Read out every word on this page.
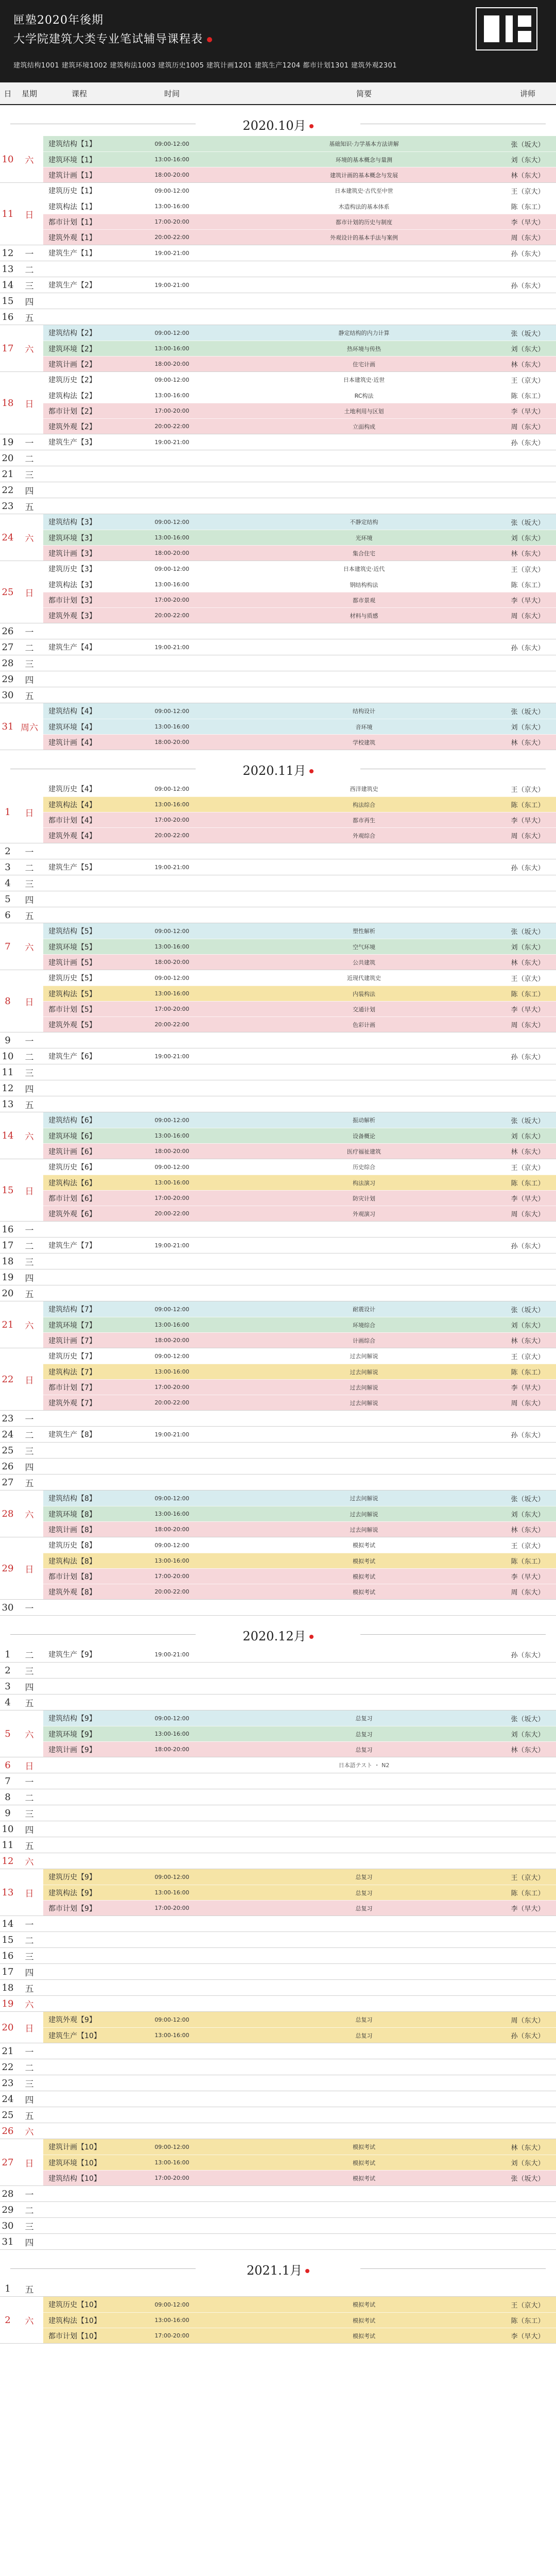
匣塾2020年後期
大学院建筑大类专业笔试辅导课程表
建筑结构1001 建筑环境1002 建筑构法1003 建筑历史1005 建筑计画1201 建筑生产1204 都市计划1301 建筑外观2301
日	星期	课程	时间	简要	讲师
2020.10月
10	六
建筑结构【1】	09:00-12:00	基础知识·力学基本方法讲解	张（坂大）
建筑环境【1】	13:00-16:00	环境的基本概念与量测	刘（东大）
建筑计画【1】	18:00-20:00	建筑计画的基本概念与发展	林（东大）
11	日
建筑历史【1】	09:00-12:00	日本建筑史·古代至中世	王（京大）
建筑构法【1】	13:00-16:00	木造构法的基本体系	陈（东工）
都市计划【1】	17:00-20:00	都市计划的历史与制度	李（早大）
建筑外观【1】	20:00-22:00	外观设计的基本手法与案例	周（东大）
12	一	建筑生产【1】	19:00-21:00	孙（东大）
13	二
14	三	建筑生产【2】	19:00-21:00	孙（东大）
15	四
16	五
17	六
建筑结构【2】	09:00-12:00	静定结构的内力计算	张（坂大）
建筑环境【2】	13:00-16:00	热环境与传热	刘（东大）
建筑计画【2】	18:00-20:00	住宅计画	林（东大）
18	日
建筑历史【2】	09:00-12:00	日本建筑史·近世	王（京大）
建筑构法【2】	13:00-16:00	RC构法	陈（东工）
都市计划【2】	17:00-20:00	土地利用与区划	李（早大）
建筑外观【2】	20:00-22:00	立面构成	周（东大）
19	一	建筑生产【3】	19:00-21:00	孙（东大）
20	二
21	三
22	四
23	五
24	六
建筑结构【3】	09:00-12:00	不静定结构	张（坂大）
建筑环境【3】	13:00-16:00	光环境	刘（东大）
建筑计画【3】	18:00-20:00	集合住宅	林（东大）
25	日
建筑历史【3】	09:00-12:00	日本建筑史·近代	王（京大）
建筑构法【3】	13:00-16:00	钢结构构法	陈（东工）
都市计划【3】	17:00-20:00	都市景观	李（早大）
建筑外观【3】	20:00-22:00	材料与质感	周（东大）
26	一
27	二	建筑生产【4】	19:00-21:00	孙（东大）
28	三
29	四
30	五
31 周六
建筑结构【4】	09:00-12:00	结构设计	张（坂大）
建筑环境【4】	13:00-16:00	音环境	刘（东大）
建筑计画【4】	18:00-20:00	学校建筑	林（东大）
2020.11月
1	日
建筑历史【4】	09:00-12:00	西洋建筑史	王（京大）
建筑构法【4】	13:00-16:00	构法综合	陈（东工）
都市计划【4】	17:00-20:00	都市再生	李（早大）
建筑外观【4】	20:00-22:00	外观综合	周（东大）
2	一
3	二	建筑生产【5】	19:00-21:00	孙（东大）
4	三
5	四
6	五
7	六
建筑结构【5】	09:00-12:00	塑性解析	张（坂大）
建筑环境【5】	13:00-16:00	空气环境	刘（东大）
建筑计画【5】	18:00-20:00	公共建筑	林（东大）
8	日
建筑历史【5】	09:00-12:00	近现代建筑史	王（京大）
建筑构法【5】	13:00-16:00	内装构法	陈（东工）
都市计划【5】	17:00-20:00	交通计划	李（早大）
建筑外观【5】	20:00-22:00	色彩计画	周（东大）
9	一
10	二	建筑生产【6】	19:00-21:00	孙（东大）
11	三
12	四
13	五
14	六
建筑结构【6】	09:00-12:00	振动解析	张（坂大）
建筑环境【6】	13:00-16:00	设备概论	刘（东大）
建筑计画【6】	18:00-20:00	医疗福祉建筑	林（东大）
15	日
建筑历史【6】	09:00-12:00	历史综合	王（京大）
建筑构法【6】	13:00-16:00	构法演习	陈（东工）
都市计划【6】	17:00-20:00	防灾计划	李（早大）
建筑外观【6】	20:00-22:00	外观演习	周（东大）
16	一
17	二	建筑生产【7】	19:00-21:00	孙（东大）
18	三
19	四
20	五
21	六
建筑结构【7】	09:00-12:00	耐震设计	张（坂大）
建筑环境【7】	13:00-16:00	环境综合	刘（东大）
建筑计画【7】	18:00-20:00	计画综合	林（东大）
22	日
建筑历史【7】	09:00-12:00	过去问解说	王（京大）
建筑构法【7】	13:00-16:00	过去问解说	陈（东工）
都市计划【7】	17:00-20:00	过去问解说	李（早大）
建筑外观【7】	20:00-22:00	过去问解说	周（东大）
23	一
24	二	建筑生产【8】	19:00-21:00	孙（东大）
25	三
26	四
27	五
28	六
建筑结构【8】	09:00-12:00	过去问解说	张（坂大）
建筑环境【8】	13:00-16:00	过去问解说	刘（东大）
建筑计画【8】	18:00-20:00	过去问解说	林（东大）
29	日
建筑历史【8】	09:00-12:00	模拟考试	王（京大）
建筑构法【8】	13:00-16:00	模拟考试	陈（东工）
都市计划【8】	17:00-20:00	模拟考试	李（早大）
建筑外观【8】	20:00-22:00	模拟考试	周（东大）
30	一
2020.12月
1	二	建筑生产【9】	19:00-21:00	孙（东大）
2	三
3	四
4	五
5	六
建筑结构【9】	09:00-12:00	总复习	张（坂大）
建筑环境【9】	13:00-16:00	总复习	刘（东大）
建筑计画【9】	18:00-20:00	总复习	林（东大）
6	日	日本語テスト ・ N2
7	一
8	二
9	三
10	四
11	五
12	六
13	日
建筑历史【9】	09:00-12:00	总复习	王（京大）
建筑构法【9】	13:00-16:00	总复习	陈（东工）
都市计划【9】	17:00-20:00	总复习	李（早大）
14	一
15	二
16	三
17	四
18	五
19	六
20	日
建筑外观【9】	09:00-12:00	总复习	周（东大）
建筑生产【10】	13:00-16:00	总复习	孙（东大）
21	一
22	二
23	三
24	四
25	五
26	六
27	日
建筑计画【10】	09:00-12:00	模拟考试	林（东大）
建筑环境【10】	13:00-16:00	模拟考试	刘（东大）
建筑结构【10】	17:00-20:00	模拟考试	张（坂大）
28	一
29	二
30	三
31	四
2021.1月
1	五
2	六
建筑历史【10】	09:00-12:00	模拟考试	王（京大）
建筑构法【10】	13:00-16:00	模拟考试	陈（东工）
都市计划【10】	17:00-20:00	模拟考试	李（早大）
